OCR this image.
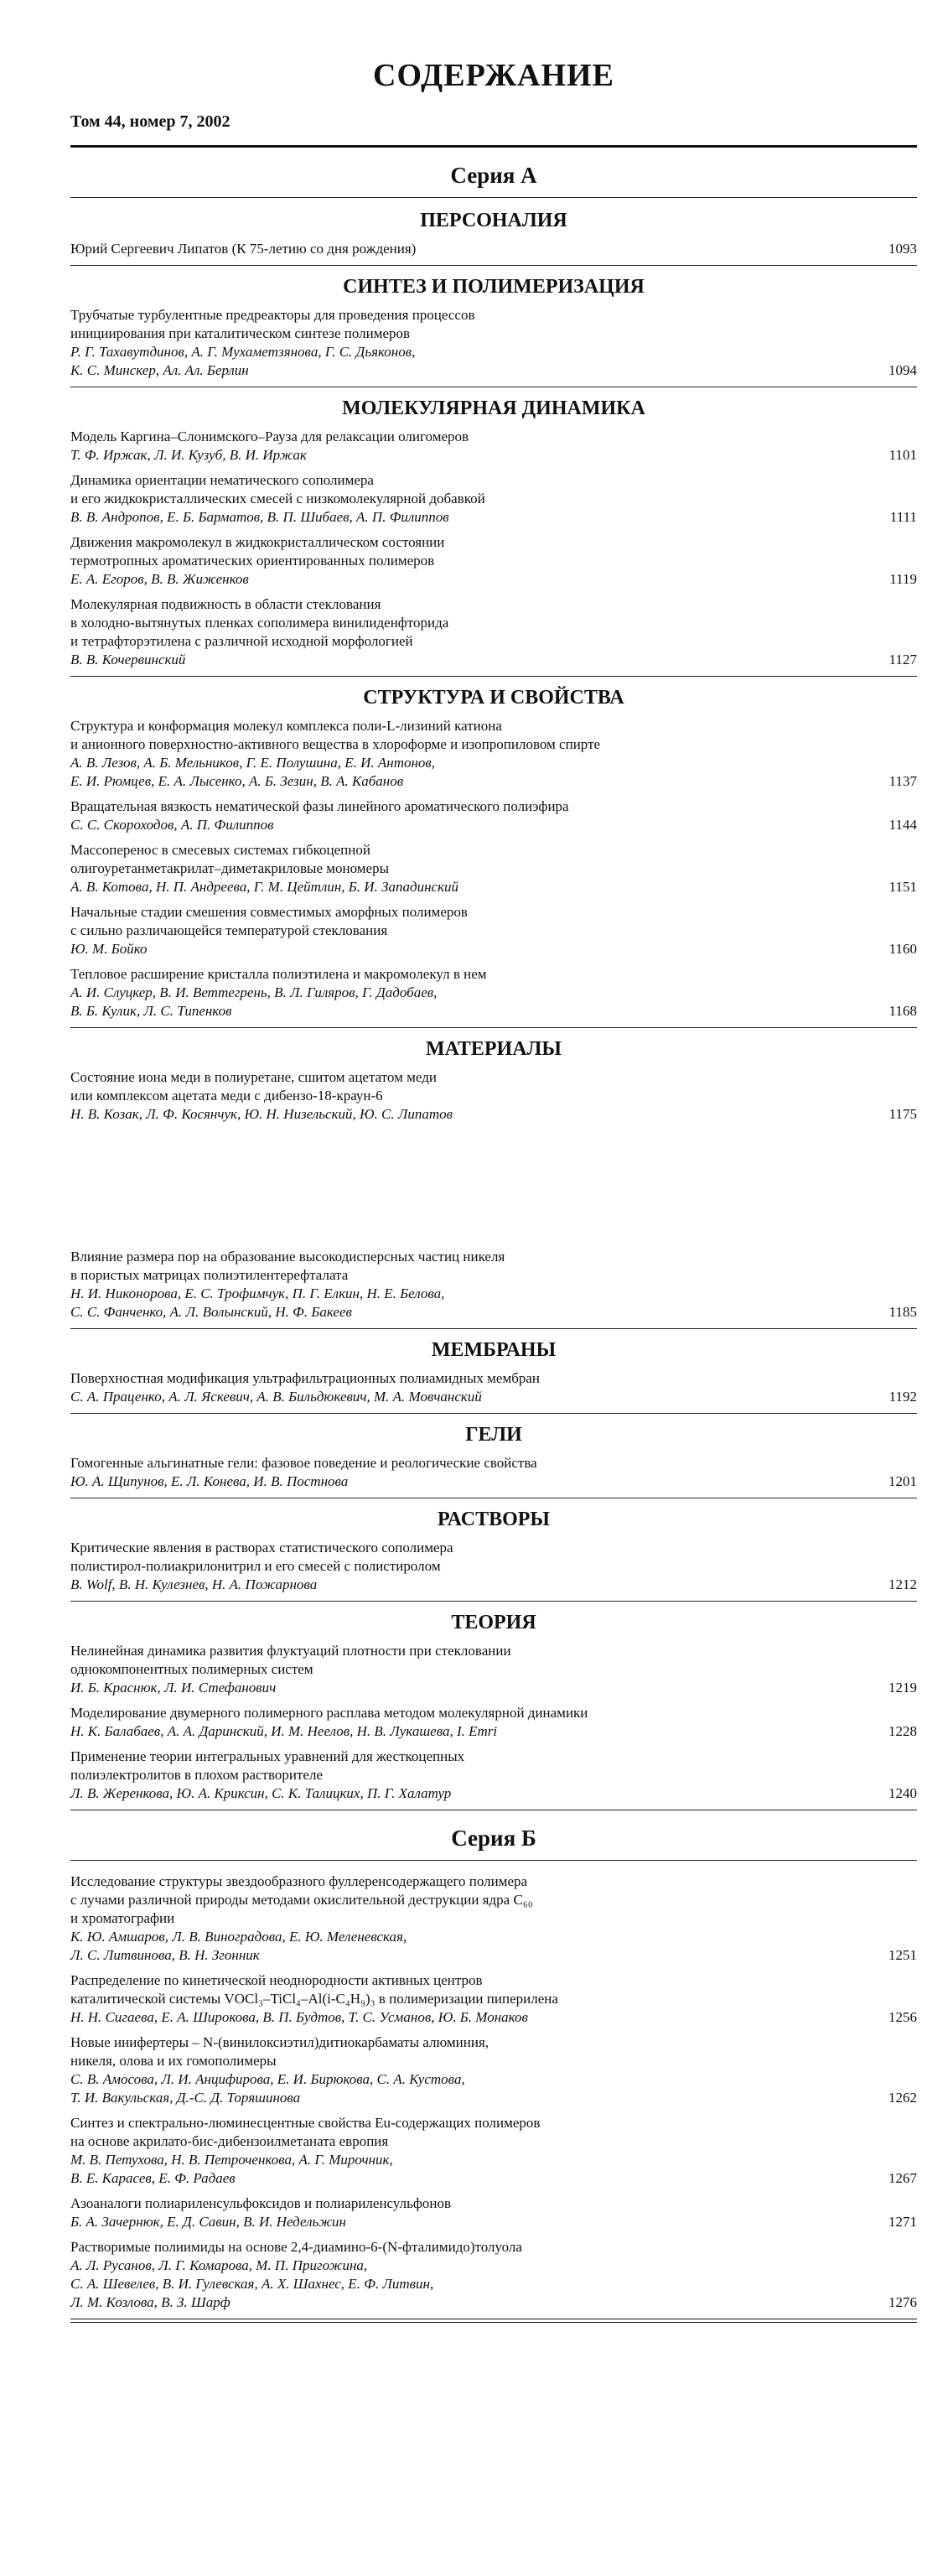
СОДЕРЖАНИЕ
Том 44, номер 7, 2002
Серия А
ПЕРСОНАЛИЯ
Юрий Сергеевич Липатов (К 75-летию со дня рождения)	1093
СИНТЕЗ И ПОЛИМЕРИЗАЦИЯ
Трубчатые турбулентные предреакторы для проведения процессов
инициирования при каталитическом синтезе полимеров
Р. Г. Тахавутдинов, А. Г. Мухаметзянова, Г. С. Дьяконов,
К. С. Минскер, Ал. Ал. Берлин	1094
МОЛЕКУЛЯРНАЯ ДИНАМИКА
Модель Каргина–Слонимского–Рауза для релаксации олигомеров
Т. Ф. Иржак, Л. И. Кузуб, В. И. Иржак	1101
Динамика ориентации нематического сополимера
и его жидкокристаллических смесей с низкомолекулярной добавкой
В. В. Андропов, Е. Б. Барматов, В. П. Шибаев, А. П. Филиппов	1111
Движения макромолекул в жидкокристаллическом состоянии
термотропных ароматических ориентированных полимеров
Е. А. Егоров, В. В. Жиженков	1119
Молекулярная подвижность в области стеклования
в холодно-вытянутых пленках сополимера винилиденфторида
и тетрафторэтилена с различной исходной морфологией
В. В. Кочервинский	1127
СТРУКТУРА И СВОЙСТВА
Структура и конформация молекул комплекса поли-L-лизиний катиона
и анионного поверхностно-активного вещества в хлороформе и изопропиловом спирте
А. В. Лезов, А. Б. Мельников, Г. Е. Полушина, Е. И. Антонов,
Е. И. Рюмцев, Е. А. Лысенко, А. Б. Зезин, В. А. Кабанов	1137
Вращательная вязкость нематической фазы линейного ароматического полиэфира
С. С. Скороходов, А. П. Филиппов	1144
Массоперенос в смесевых системах гибкоцепной
олигоуретанметакрилат–диметакриловые мономеры
А. В. Котова, Н. П. Андреева, Г. М. Цейтлин, Б. И. Западинский	1151
Начальные стадии смешения совместимых аморфных полимеров
с сильно различающейся температурой стеклования
Ю. М. Бойко	1160
Тепловое расширение кристалла полиэтилена и макромолекул в нем
А. И. Слуцкер, В. И. Веттегрень, В. Л. Гиляров, Г. Дадобаев,
В. Б. Кулик, Л. С. Типенков	1168
МАТЕРИАЛЫ
Состояние иона меди в полиуретане, сшитом ацетатом меди
или комплексом ацетата меди с дибензо-18-краун-6
Н. В. Козак, Л. Ф. Косянчук, Ю. Н. Низельский, Ю. С. Липатов	1175
Влияние размера пор на образование высокодисперсных частиц никеля
в пористых матрицах полиэтилентерефталата
Н. И. Никонорова, Е. С. Трофимчук, П. Г. Елкин, Н. Е. Белова,
С. С. Фанченко, А. Л. Волынский, Н. Ф. Бакеев	1185
МЕМБРАНЫ
Поверхностная модификация ультрафильтрационных полиамидных мембран
С. А. Праценко, А. Л. Яскевич, А. В. Бильдюкевич, М. А. Мовчанский	1192
ГЕЛИ
Гомогенные альгинатные гели: фазовое поведение и реологические свойства
Ю. А. Щипунов, Е. Л. Конева, И. В. Постнова	1201
РАСТВОРЫ
Критические явления в растворах статистического сополимера
полистирол-полиакрилонитрил и его смесей с полистиролом
B. Wolf, В. Н. Кулезнев, Н. А. Пожарнова	1212
ТЕОРИЯ
Нелинейная динамика развития флуктуаций плотности при стекловании
однокомпонентных полимерных систем
И. Б. Краснюк, Л. И. Стефанович	1219
Моделирование двумерного полимерного расплава методом молекулярной динамики
Н. К. Балабаев, А. А. Даринский, И. М. Неелов, Н. В. Лукашева, I. Emri	1228
Применение теории интегральных уравнений для жесткоцепных
полиэлектролитов в плохом растворителе
Л. В. Жеренкова, Ю. А. Криксин, С. К. Талицких, П. Г. Халатур	1240
Серия Б
Исследование структуры звездообразного фуллеренсодержащего полимера
с лучами различной природы методами окислительной деструкции ядра C₆₀
и хроматографии
К. Ю. Амшаров, Л. В. Виноградова, Е. Ю. Меленевская,
Л. С. Литвинова, В. Н. Згонник	1251
Распределение по кинетической неоднородности активных центров
каталитической системы VOCl₃–TiCl₄–Al(i-C₄H₉)₃ в полимеризации пиперилена
Н. Н. Сигаева, Е. А. Широкова, В. П. Будтов, Т. С. Усманов, Ю. Б. Монаков	1256
Новые инифертеры – N-(винилоксиэтил)дитиокарбаматы алюминия,
никеля, олова и их гомополимеры
С. В. Амосова, Л. И. Анцифирова, Е. И. Бирюкова, С. А. Кустова,
Т. И. Вакульская, Д.-С. Д. Торяшинова	1262
Синтез и спектрально-люминесцентные свойства Eu-содержащих полимеров
на основе акрилато-бис-дибензоилметаната европия
М. В. Петухова, Н. В. Петроченкова, А. Г. Мирочник,
В. Е. Карасев, Е. Ф. Радаев	1267
Азоаналоги полиариленсульфоксидов и полиариленсульфонов
Б. А. Зачернюк, Е. Д. Савин, В. И. Недельжин	1271
Растворимые полиимиды на основе 2,4-диамино-6-(N-фталимидо)толуола
А. Л. Русанов, Л. Г. Комарова, М. П. Пригожина,
С. А. Шевелев, В. И. Гулевская, А. Х. Шахнес, Е. Ф. Литвин,
Л. М. Козлова, В. З. Шарф	1276
